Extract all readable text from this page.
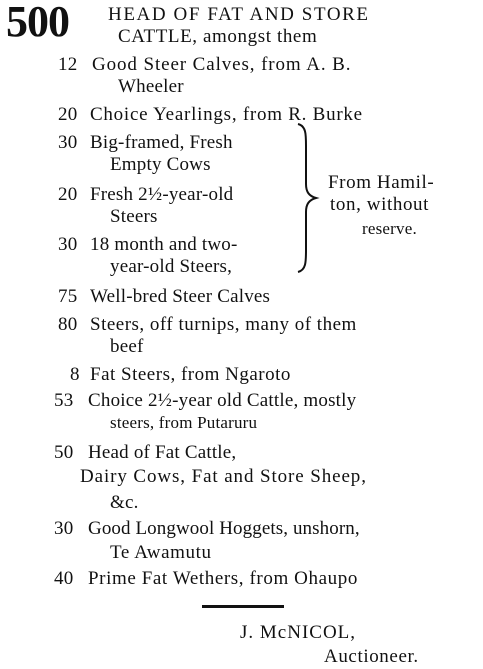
500 HEAD OF FAT AND STORE
CATTLE, amongst them
12 Good Steer Calves, from A. B.
Wheeler
20 Choice Yearlings, from R. Burke
30 Big-framed, Fresh
Empty Cows
20 Fresh 2½-year-old
Steers
30 18 month and two-
year-old Steers,
From Hamil-
ton, without
reserve.
75 Well-bred Steer Calves
80 Steers, off turnips, many of them
beef
8 Fat Steers, from Ngaroto
53 Choice 2½-year old Cattle, mostly
steers, from Putaruru
50 Head of Fat Cattle,
Dairy Cows, Fat and Store Sheep,
&c.
30 Good Longwool Hoggets, unshorn,
Te Awamutu
40 Prime Fat Wethers, from Ohaupo
J. McNICOL,
Auctioneer.
